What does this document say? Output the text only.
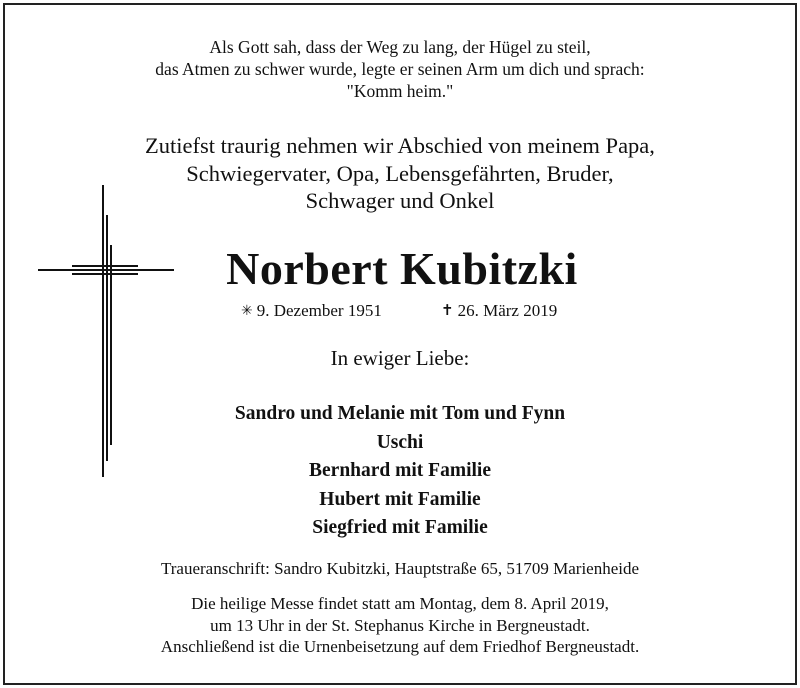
Als Gott sah, dass der Weg zu lang, der Hügel zu steil,
das Atmen zu schwer wurde, legte er seinen Arm um dich und sprach:
"Komm heim."
Zutiefst traurig nehmen wir Abschied von meinem Papa,
Schwiegervater, Opa, Lebensgefährten, Bruder,
Schwager und Onkel
Norbert Kubitzki
✳ 9. Dezember 1951	✝ 26. März 2019
In ewiger Liebe:
Sandro und Melanie mit Tom und Fynn
Uschi
Bernhard mit Familie
Hubert mit Familie
Siegfried mit Familie
Traueranschrift: Sandro Kubitzki, Hauptstraße 65, 51709 Marienheide
Die heilige Messe findet statt am Montag, dem 8. April 2019,
um 13 Uhr in der St. Stephanus Kirche in Bergneustadt.
Anschließend ist die Urnenbeisetzung auf dem Friedhof Bergneustadt.
